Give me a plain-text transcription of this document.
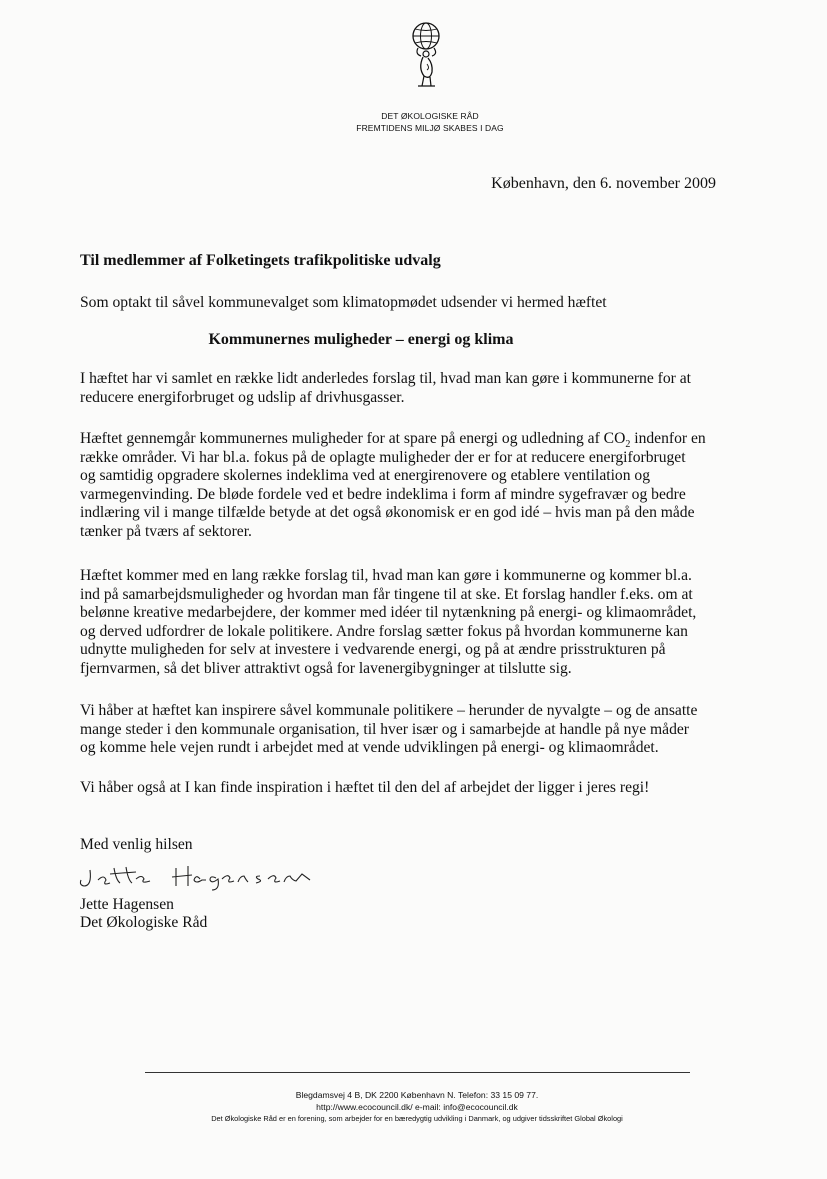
DET ØKOLOGISKE RÅD
FREMTIDENS MILJØ SKABES I DAG
København, den 6. november 2009
Til medlemmer af Folketingets trafikpolitiske udvalg
Som optakt til såvel kommunevalget som klimatopmødet udsender vi hermed hæftet
Kommunernes muligheder – energi og klima
I hæftet har vi samlet en række lidt anderledes forslag til, hvad man kan gøre i kommunerne for at
reducere energiforbruget og udslip af drivhusgasser.
Hæftet gennemgår kommunernes muligheder for at spare på energi og udledning af $CO_2$ indenfor en
række områder. Vi har bl.a. fokus på de oplagte muligheder der er for at reducere energiforbruget
og samtidig opgradere skolernes indeklima ved at energirenovere og etablere ventilation og
varmegenvinding. De bløde fordele ved et bedre indeklima i form af mindre sygefravær og bedre
indlæring vil i mange tilfælde betyde at det også økonomisk er en god idé – hvis man på den måde
tænker på tværs af sektorer.
Hæftet kommer med en lang række forslag til, hvad man kan gøre i kommunerne og kommer bl.a.
ind på samarbejdsmuligheder og hvordan man får tingene til at ske. Et forslag handler f.eks. om at
belønne kreative medarbejdere, der kommer med idéer til nytænkning på energi- og klimaområdet,
og derved udfordrer de lokale politikere. Andre forslag sætter fokus på hvordan kommunerne kan
udnytte muligheden for selv at investere i vedvarende energi, og på at ændre prisstrukturen på
fjernvarmen, så det bliver attraktivt også for lavenergibygninger at tilslutte sig.
Vi håber at hæftet kan inspirere såvel kommunale politikere – herunder de nyvalgte – og de ansatte
mange steder i den kommunale organisation, til hver især og i samarbejde at handle på nye måder
og komme hele vejen rundt i arbejdet med at vende udviklingen på energi- og klimaområdet.
Vi håber også at I kan finde inspiration i hæftet til den del af arbejdet der ligger i jeres regi!
Med venlig hilsen
Jette Hagensen
Det Økologiske Råd
Blegdamsvej 4 B, DK 2200 København N. Telefon: 33 15 09 77.
http://www.ecocouncil.dk/ e-mail: info@ecocouncil.dk
Det Økologiske Råd er en forening, som arbejder for en bæredygtig udvikling i Danmark, og udgiver tidsskriftet Global Økologi
